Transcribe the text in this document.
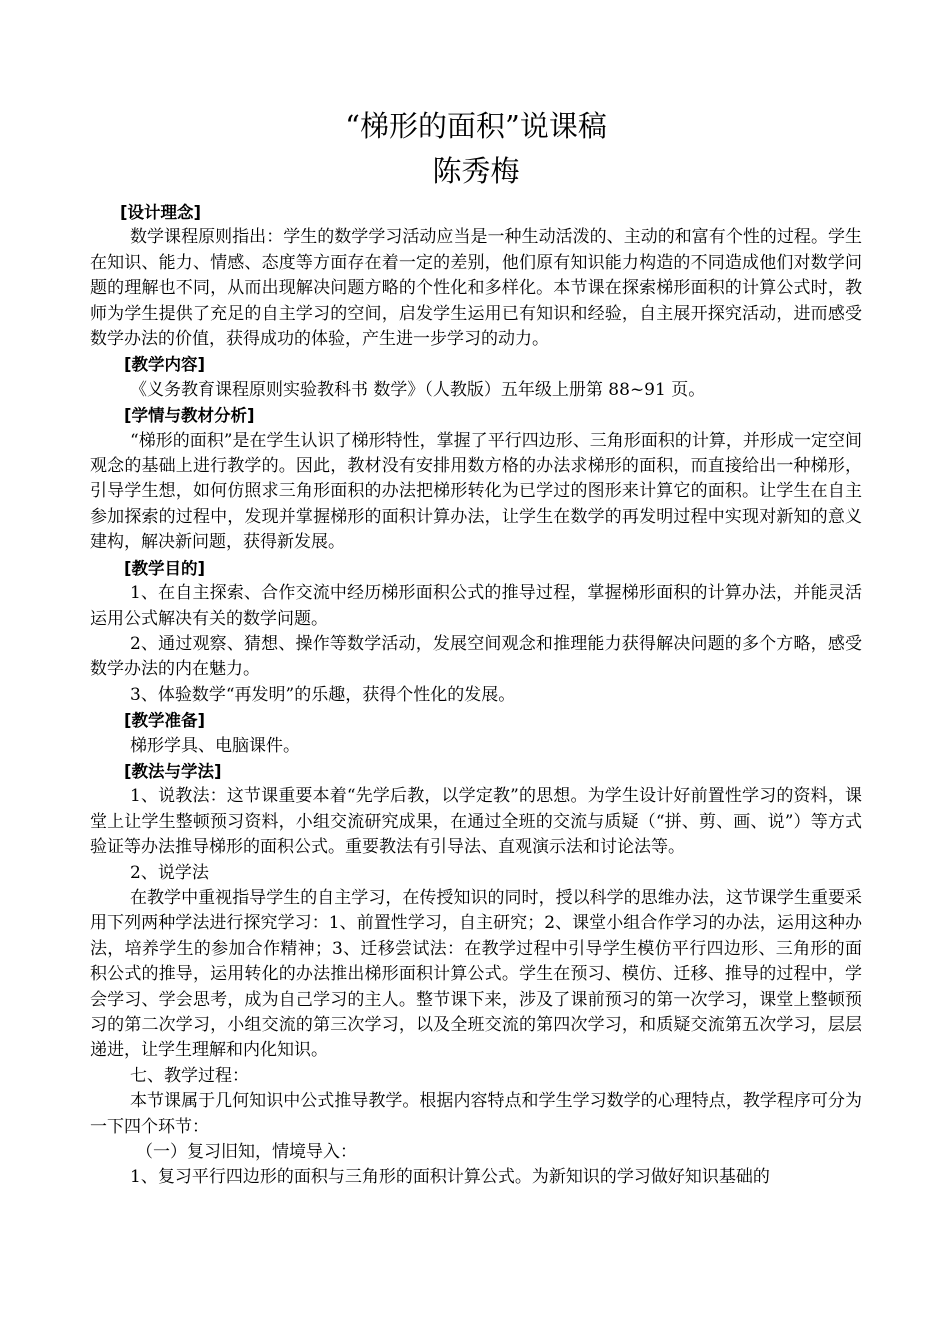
“梯形的面积”说课稿
陈秀梅

[设计理念]

数学课程原则指出：学生的数学学习活动应当是一种生动活泼的、主动的和富有个性的过程。学生在知识、能力、情感、态度等方面存在着一定的差别，他们原有知识能力构造的不同造成他们对数学问题的理解也不同，从而出现解决问题方略的个性化和多样化。本节课在探索梯形面积的计算公式时，教师为学生提供了充足的自主学习的空间，启发学生运用已有知识和经验，自主展开探究活动，进而感受数学办法的价值，获得成功的体验，产生进一步学习的动力。

[教学内容]

《义务教育课程原则实验教科书 数学》（人教版）五年级上册第 88~91 页。

[学情与教材分析]

“梯形的面积”是在学生认识了梯形特性，掌握了平行四边形、三角形面积的计算，并形成一定空间观念的基础上进行教学的。因此，教材没有安排用数方格的办法求梯形的面积，而直接给出一种梯形，引导学生想，如何仿照求三角形面积的办法把梯形转化为已学过的图形来计算它的面积。让学生在自主参加探索的过程中，发现并掌握梯形的面积计算办法，让学生在数学的再发明过程中实现对新知的意义建构，解决新问题，获得新发展。

[教学目的]

1、在自主探索、合作交流中经历梯形面积公式的推导过程，掌握梯形面积的计算办法，并能灵活运用公式解决有关的数学问题。

2、通过观察、猜想、操作等数学活动，发展空间观念和推理能力获得解决问题的多个方略，感受数学办法的内在魅力。

3、体验数学“再发明”的乐趣，获得个性化的发展。

[教学准备]

梯形学具、电脑课件。

[教法与学法]

1、说教法：这节课重要本着“先学后教，以学定教”的思想。为学生设计好前置性学习的资料，课堂上让学生整顿预习资料，小组交流研究成果，在通过全班的交流与质疑（“拼、剪、画、说”）等方式验证等办法推导梯形的面积公式。重要教法有引导法、直观演示法和讨论法等。

2、说学法

在教学中重视指导学生的自主学习，在传授知识的同时，授以科学的思维办法，这节课学生重要采用下列两种学法进行探究学习：1、前置性学习，自主研究；2、课堂小组合作学习的办法，运用这种办法，培养学生的参加合作精神；3、迁移尝试法：在教学过程中引导学生模仿平行四边形、三角形的面积公式的推导，运用转化的办法推出梯形面积计算公式。学生在预习、模仿、迁移、推导的过程中，学会学习、学会思考，成为自己学习的主人。整节课下来，涉及了课前预习的第一次学习，课堂上整顿预习的第二次学习，小组交流的第三次学习，以及全班交流的第四次学习，和质疑交流第五次学习，层层递进，让学生理解和内化知识。

七、教学过程：

本节课属于几何知识中公式推导教学。根据内容特点和学生学习数学的心理特点，教学程序可分为一下四个环节：

（一）复习旧知，情境导入：

1、复习平行四边形的面积与三角形的面积计算公式。为新知识的学习做好知识基础的
